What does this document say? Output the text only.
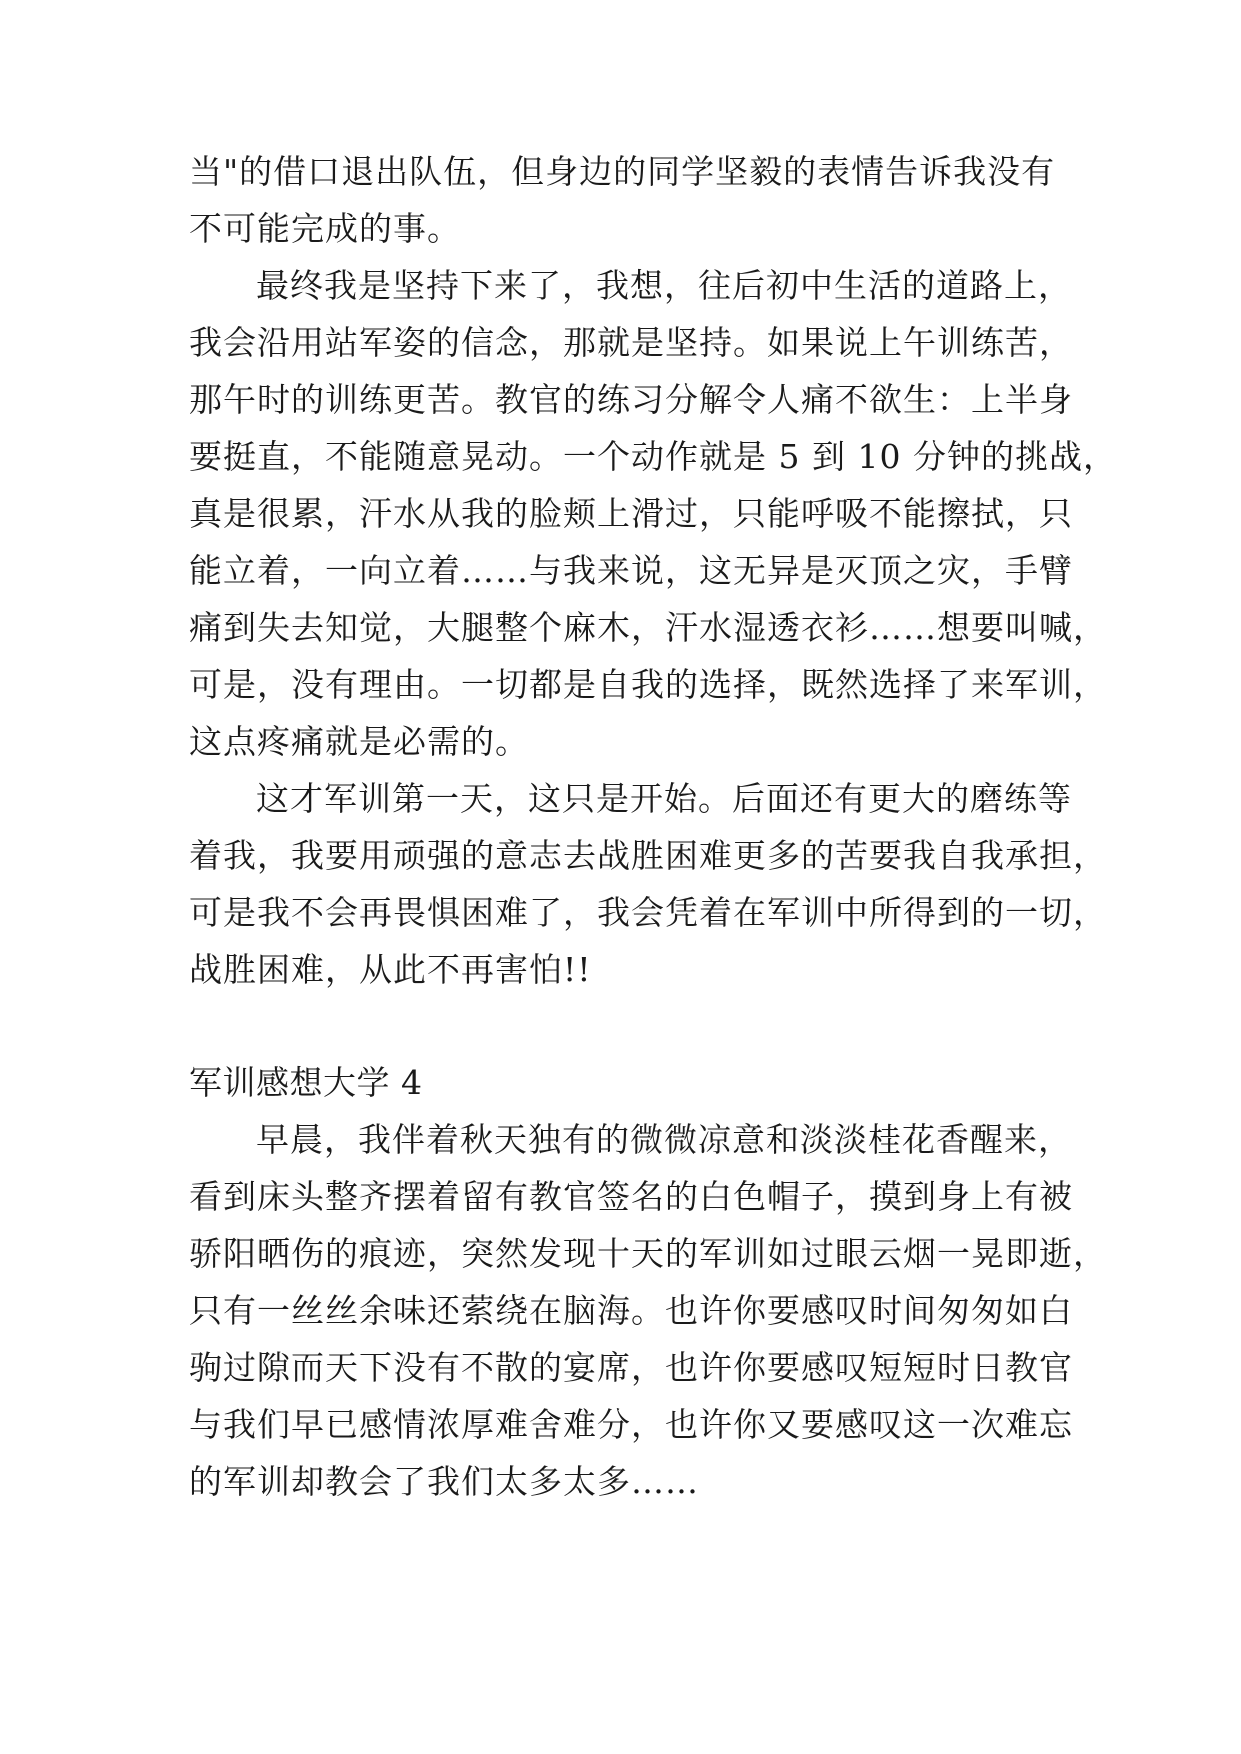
当"的借口退出队伍，但身边的同学坚毅的表情告诉我没有
不可能完成的事。
最终我是坚持下来了，我想，往后初中生活的道路上，
我会沿用站军姿的信念，那就是坚持。如果说上午训练苦，
那午时的训练更苦。教官的练习分解令人痛不欲生：上半身
要挺直，不能随意晃动。一个动作就是 5 到 10 分钟的挑战，
真是很累，汗水从我的脸颊上滑过，只能呼吸不能擦拭，只
能立着，一向立着……与我来说，这无异是灭顶之灾，手臂
痛到失去知觉，大腿整个麻木，汗水湿透衣衫……想要叫喊，
可是，没有理由。一切都是自我的选择，既然选择了来军训，
这点疼痛就是必需的。
这才军训第一天，这只是开始。后面还有更大的磨练等
着我，我要用顽强的意志去战胜困难更多的苦要我自我承担，
可是我不会再畏惧困难了，我会凭着在军训中所得到的一切，
战胜困难，从此不再害怕!!
军训感想大学 4
早晨，我伴着秋天独有的微微凉意和淡淡桂花香醒来，
看到床头整齐摆着留有教官签名的白色帽子，摸到身上有被
骄阳晒伤的痕迹，突然发现十天的军训如过眼云烟一晃即逝，
只有一丝丝余味还萦绕在脑海。也许你要感叹时间匆匆如白
驹过隙而天下没有不散的宴席，也许你要感叹短短时日教官
与我们早已感情浓厚难舍难分，也许你又要感叹这一次难忘
的军训却教会了我们太多太多……
